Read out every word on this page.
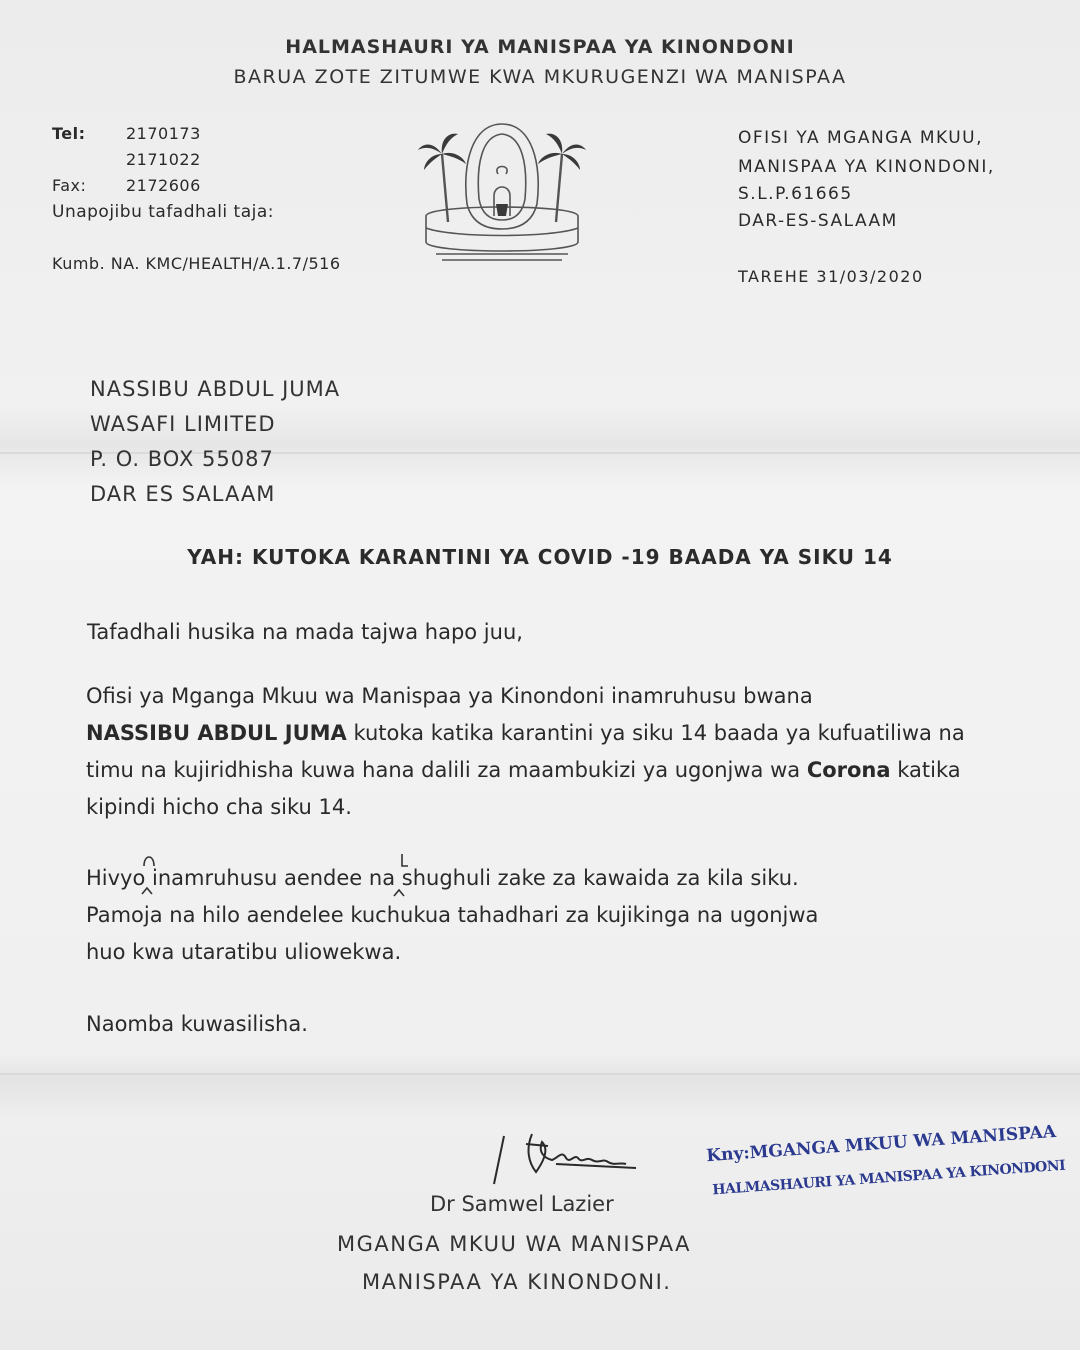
HALMASHAURI YA MANISPAA YA KINONDONI
BARUA ZOTE ZITUMWE KWA MKURUGENZI WA MANISPAA
Tel:	2170173
2171022
Fax: 2172606
Unapojibu tafadhali taja:
Kumb. NA. KMC/HEALTH/A.1.7/516
OFISI YA MGANGA MKUU,
MANISPAA YA KINONDONI,
S.L.P.61665
DAR-ES-SALAAM
TAREHE 31/03/2020
NASSIBU ABDUL JUMA
WASAFI LIMITED
P. O. BOX 55087
DAR ES SALAAM
YAH: KUTOKA KARANTINI YA COVID -19 BAADA YA SIKU 14
Tafadhali husika na mada tajwa hapo juu,
Ofisi ya Mganga Mkuu wa Manispaa ya Kinondoni inamruhusu bwana
NASSIBU ABDUL JUMA kutoka katika karantini ya siku 14 baada ya kufuatiliwa na timu na kujiridhisha kuwa hana dalili za maambukizi ya ugonjwa wa Corona katika kipindi hicho cha siku 14.
Hivyo inamruhusu aendee na shughuli zake za kawaida za kila siku.
Pamoja na hilo aendelee kuchukua tahadhari za kujikinga na ugonjwa
huo kwa utaratibu uliowekwa.
Naomba kuwasilisha.
Dr Samwel Lazier
MGANGA MKUU WA MANISPAA
MANISPAA YA KINONDONI.
Kny:MGANGA MKUU WA MANISPAA
HALMASHAURI YA MANISPAA YA KINONDONI
